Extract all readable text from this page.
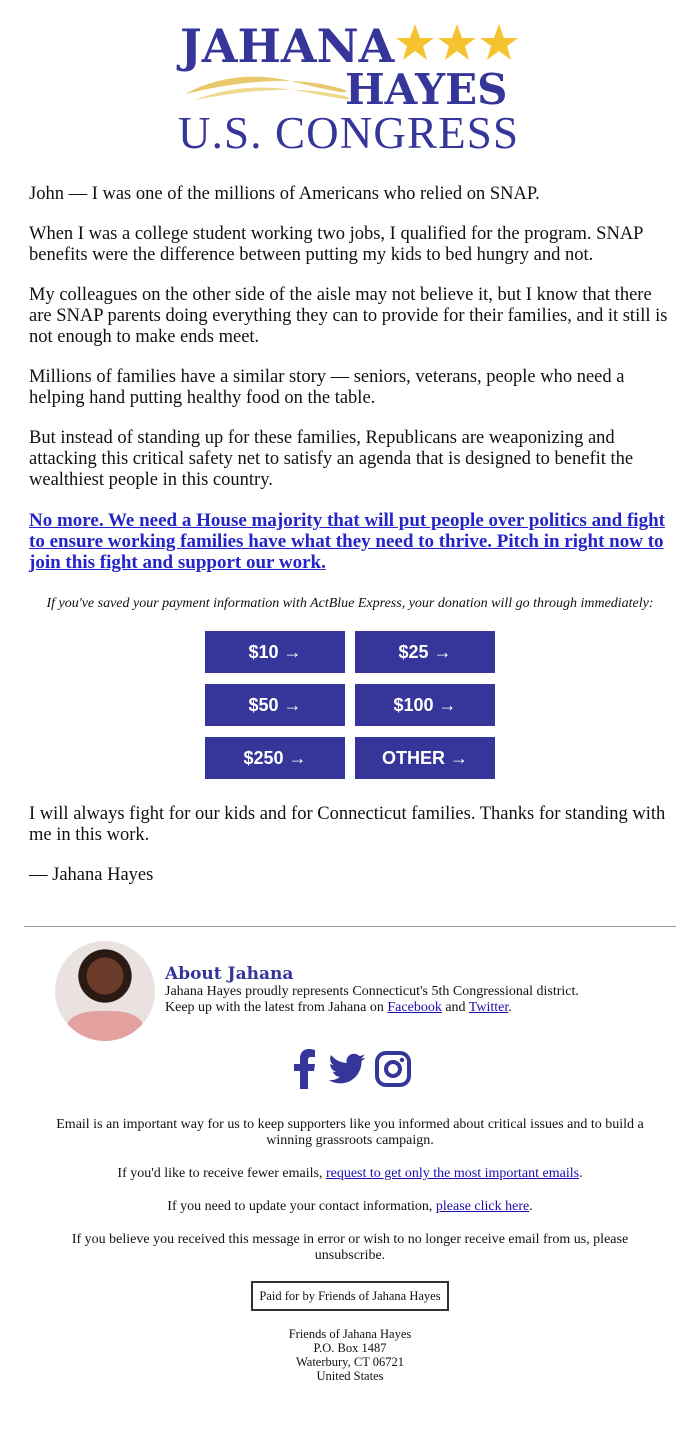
JAHANA
HAYES
U.S. CONGRESS

John — I was one of the millions of Americans who relied on SNAP.

When I was a college student working two jobs, I qualified for the program. SNAP benefits were the difference between putting my kids to bed hungry and not.

My colleagues on the other side of the aisle may not believe it, but I know that there are SNAP parents doing everything they can to provide for their families, and it still is not enough to make ends meet.

Millions of families have a similar story — seniors, veterans, people who need a helping hand putting healthy food on the table.

But instead of standing up for these families, Republicans are weaponizing and attacking this critical safety net to satisfy an agenda that is designed to benefit the wealthiest people in this country.

No more. We need a House majority that will put people over politics and fight to ensure working families have what they need to thrive. Pitch in right now to join this fight and support our work.

If you've saved your payment information with ActBlue Express, your donation will go through immediately:

$10 →	$25 →
$50 →	$100 →
$250 →	OTHER →

I will always fight for our kids and for Connecticut families. Thanks for standing with me in this work.

— Jahana Hayes

About Jahana
Jahana Hayes proudly represents Connecticut's 5th Congressional district.
Keep up with the latest from Jahana on Facebook and Twitter.

Email is an important way for us to keep supporters like you informed about critical issues and to build a winning grassroots campaign.

If you'd like to receive fewer emails, request to get only the most important emails.

If you need to update your contact information, please click here.

If you believe you received this message in error or wish to no longer receive email from us, please unsubscribe.

Paid for by Friends of Jahana Hayes
Friends of Jahana Hayes
P.O. Box 1487
Waterbury, CT 06721
United States
